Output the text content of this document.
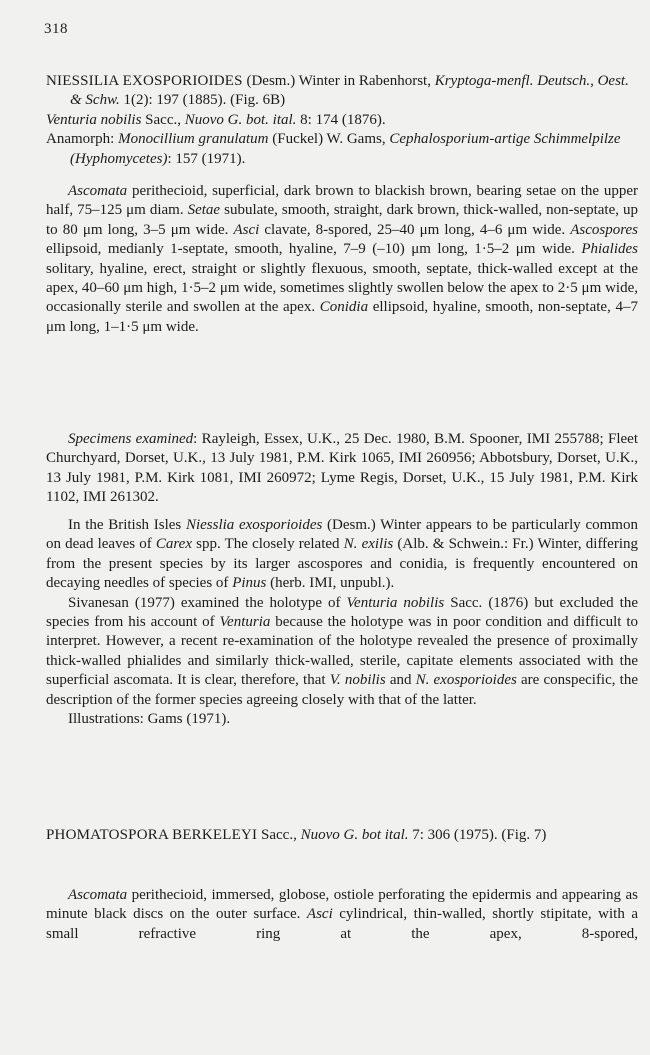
318
NIESSILIA EXOSPORIOIDES (Desm.) Winter in Rabenhorst, Kryptoga-menfl. Deutsch., Oest. & Schw. 1(2): 197 (1885). (Fig. 6B)
Venturia nobilis Sacc., Nuovo G. bot. ital. 8: 174 (1876).
Anamorph: Monocillium granulatum (Fuckel) W. Gams, Cephalosporium-artige Schimmelpilze (Hyphomycetes): 157 (1971).
Ascomata perithecioid, superficial, dark brown to blackish brown, bearing setae on the upper half, 75–125 μm diam. Setae subulate, smooth, straight, dark brown, thick-walled, non-septate, up to 80 μm long, 3–5 μm wide. Asci clavate, 8-spored, 25–40 μm long, 4–6 μm wide. Ascospores ellipsoid, medianly 1-septate, smooth, hyaline, 7–9 (–10) μm long, 1·5–2 μm wide. Phialides solitary, hyaline, erect, straight or slightly flexuous, smooth, septate, thick-walled except at the apex, 40–60 μm high, 1·5–2 μm wide, sometimes slightly swollen below the apex to 2·5 μm wide, occasionally sterile and swollen at the apex. Conidia ellipsoid, hyaline, smooth, non-septate, 4–7 μm long, 1–1·5 μm wide.
Specimens examined: Rayleigh, Essex, U.K., 25 Dec. 1980, B.M. Spooner, IMI 255788; Fleet Churchyard, Dorset, U.K., 13 July 1981, P.M. Kirk 1065, IMI 260956; Abbotsbury, Dorset, U.K., 13 July 1981, P.M. Kirk 1081, IMI 260972; Lyme Regis, Dorset, U.K., 15 July 1981, P.M. Kirk 1102, IMI 261302.
In the British Isles Niesslia exosporioides (Desm.) Winter appears to be particularly common on dead leaves of Carex spp. The closely related N. exilis (Alb. & Schwein.: Fr.) Winter, differing from the present species by its larger ascospores and conidia, is frequently encountered on decaying needles of species of Pinus (herb. IMI, unpubl.).
Sivanesan (1977) examined the holotype of Venturia nobilis Sacc. (1876) but excluded the species from his account of Venturia because the holotype was in poor condition and difficult to interpret. However, a recent re-examination of the holotype revealed the presence of proximally thick-walled phialides and similarly thick-walled, sterile, capitate elements associated with the superficial ascomata. It is clear, therefore, that V. nobilis and N. exosporioides are conspecific, the description of the former species agreeing closely with that of the latter.
Illustrations: Gams (1971).
PHOMATOSPORA BERKELEYI Sacc., Nuovo G. bot ital. 7: 306 (1975). (Fig. 7)
Ascomata perithecioid, immersed, globose, ostiole perforating the epidermis and appearing as minute black discs on the outer surface. Asci cylindrical, thin-walled, shortly stipitate, with a small refractive ring at the apex, 8-spored,
